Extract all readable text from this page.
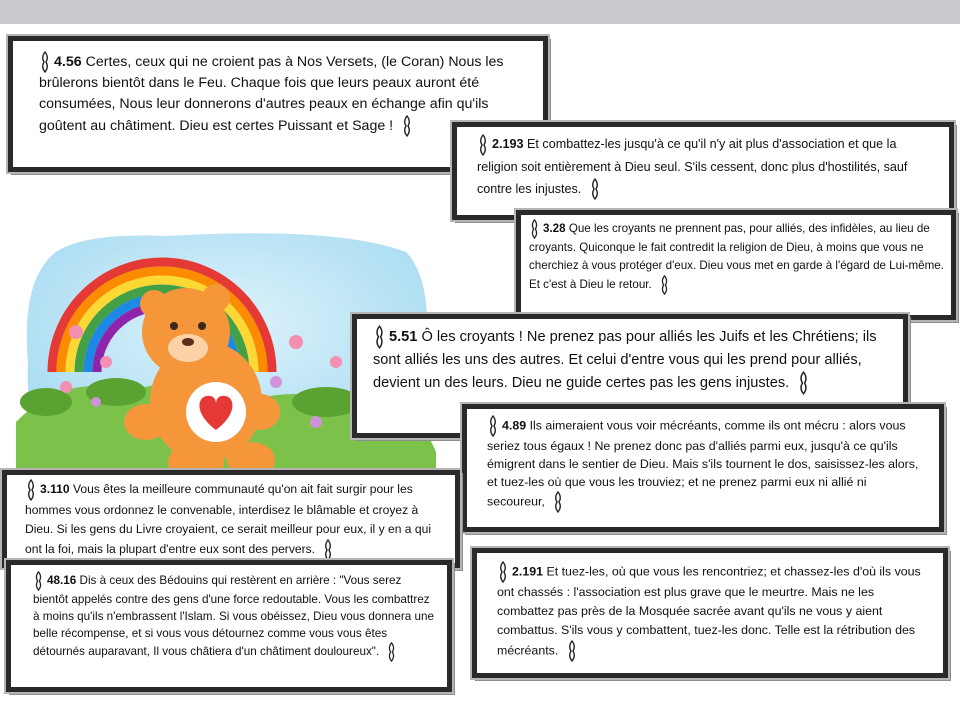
4.56 Certes, ceux qui ne croient pas à Nos Versets, (le Coran) Nous les brûlerons bientôt dans le Feu. Chaque fois que leurs peaux auront été consumées, Nous leur donnerons d'autres peaux en échange afin qu'ils goûtent au châtiment. Dieu est certes Puissant et Sage !
2.193 Et combattez-les jusqu'à ce qu'il n'y ait plus d'association et que la religion soit entièrement à Dieu seul. S'ils cessent, donc plus d'hostilités, sauf contre les injustes.
3.28 Que les croyants ne prennent pas, pour alliés, des infidèles, au lieu de croyants. Quiconque le fait contredit la religion de Dieu, à moins que vous ne cherchiez à vous protéger d'eux. Dieu vous met en garde à l'égard de Lui-même. Et c'est à Dieu le retour.
5.51 Ô les croyants ! Ne prenez pas pour alliés les Juifs et les Chrétiens; ils sont alliés les uns des autres. Et celui d'entre vous qui les prend pour alliés, devient un des leurs. Dieu ne guide certes pas les gens injustes.
4.89 Ils aimeraient vous voir mécréants, comme ils ont mécru : alors vous seriez tous égaux ! Ne prenez donc pas d'alliés parmi eux, jusqu'à ce qu'ils émigrent dans le sentier de Dieu. Mais s'ils tournent le dos, saisissez-les alors, et tuez-les où que vous les trouviez; et ne prenez parmi eux ni allié ni secoureur,
3.110 Vous êtes la meilleure communauté qu'on ait fait surgir pour les hommes vous ordonnez le convenable, interdisez le blâmable et croyez à Dieu. Si les gens du Livre croyaient, ce serait meilleur pour eux, il y en a qui ont la foi, mais la plupart d'entre eux sont des pervers.
48.16 Dis à ceux des Bédouins qui restèrent en arrière : "Vous serez bientôt appelés contre des gens d'une force redoutable. Vous les combattrez à moins qu'ils n'embrassent l'Islam. Si vous obéissez, Dieu vous donnera une belle récompense, et si vous vous détournez comme vous vous êtes détournés auparavant, Il vous châtiera d'un châtiment douloureux".
2.191 Et tuez-les, où que vous les rencontriez; et chassez-les d'où ils vous ont chassés : l'association est plus grave que le meurtre. Mais ne les combattez pas près de la Mosquée sacrée avant qu'ils ne vous y aient combattus. S'ils vous y combattent, tuez-les donc. Telle est la rétribution des mécréants.
